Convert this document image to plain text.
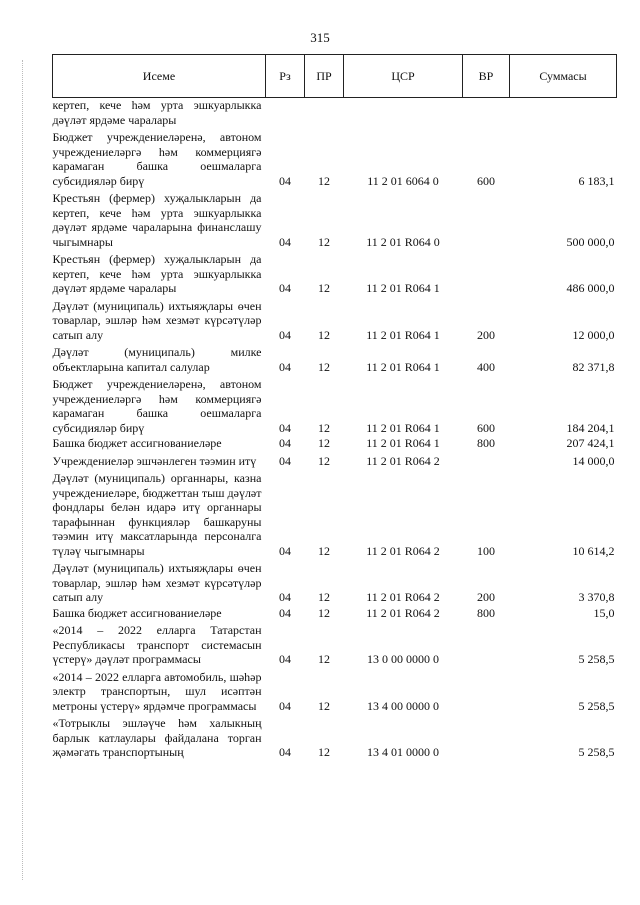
315
Исеме	Рз	ПР	ЦСР	ВР	Суммасы
кертеп, кече һәм урта эшкуарлыкка дәүләт ярдәме чаралары					
Бюджет учреждениеләренә, автоном учреждениеләргә һәм коммерциягә карамаган башка оешмаларга субсидияләр бирү	04	12	11 2 01 6064 0	600	6 183,1
Крестьян (фермер) хуҗалыкларын да кертеп, кече һәм урта эшкуарлыкка дәүләт ярдәме чараларына финанслашу чыгымнары	04	12	11 2 01 R064 0		500 000,0
Крестьян (фермер) хуҗалыкларын да кертеп, кече һәм урта эшкуарлыкка дәүләт ярдәме чаралары	04	12	11 2 01 R064 1		486 000,0
Дәүләт (муниципаль) ихтыяҗлары өчен товарлар, эшләр һәм хезмәт күрсәтүләр сатып алу	04	12	11 2 01 R064 1	200	12 000,0
Дәүләт (муниципаль) милке объектларына капитал салулар	04	12	11 2 01 R064 1	400	82 371,8
Бюджет учреждениеләренә, автоном учреждениеләргә һәм коммерциягә карамаган башка оешмаларга субсидияләр бирү	04	12	11 2 01 R064 1	600	184 204,1
Башка бюджет ассигнованиеләре	04	12	11 2 01 R064 1	800	207 424,1
Учреждениеләр эшчәнлеген тәэмин итү	04	12	11 2 01 R064 2		14 000,0
Дәүләт (муниципаль) органнары, казна учреждениеләре, бюджеттан тыш дәүләт фондлары белән идарә итү органнары тарафыннан функцияләр башкаруны тәэмин итү максатларында персоналга түләү чыгымнары	04	12	11 2 01 R064 2	100	10 614,2
Дәүләт (муниципаль) ихтыяҗлары өчен товарлар, эшләр һәм хезмәт күрсәтүләр сатып алу	04	12	11 2 01 R064 2	200	3 370,8
Башка бюджет ассигнованиеләре	04	12	11 2 01 R064 2	800	15,0
«2014 – 2022 елларга Татарстан Республикасы транспорт системасын үстерү» дәүләт программасы	04	12	13 0 00 0000 0		5 258,5
«2014 – 2022 елларга автомобиль, шәһәр электр транспортын, шул исәптән метроны үстерү» ярдәмче программасы	04	12	13 4 00 0000 0		5 258,5
«Тотрыклы эшләүче һәм халыкның барлык катлаулары файдалана торган җәмәгать транспортының	04	12	13 4 01 0000 0		5 258,5
